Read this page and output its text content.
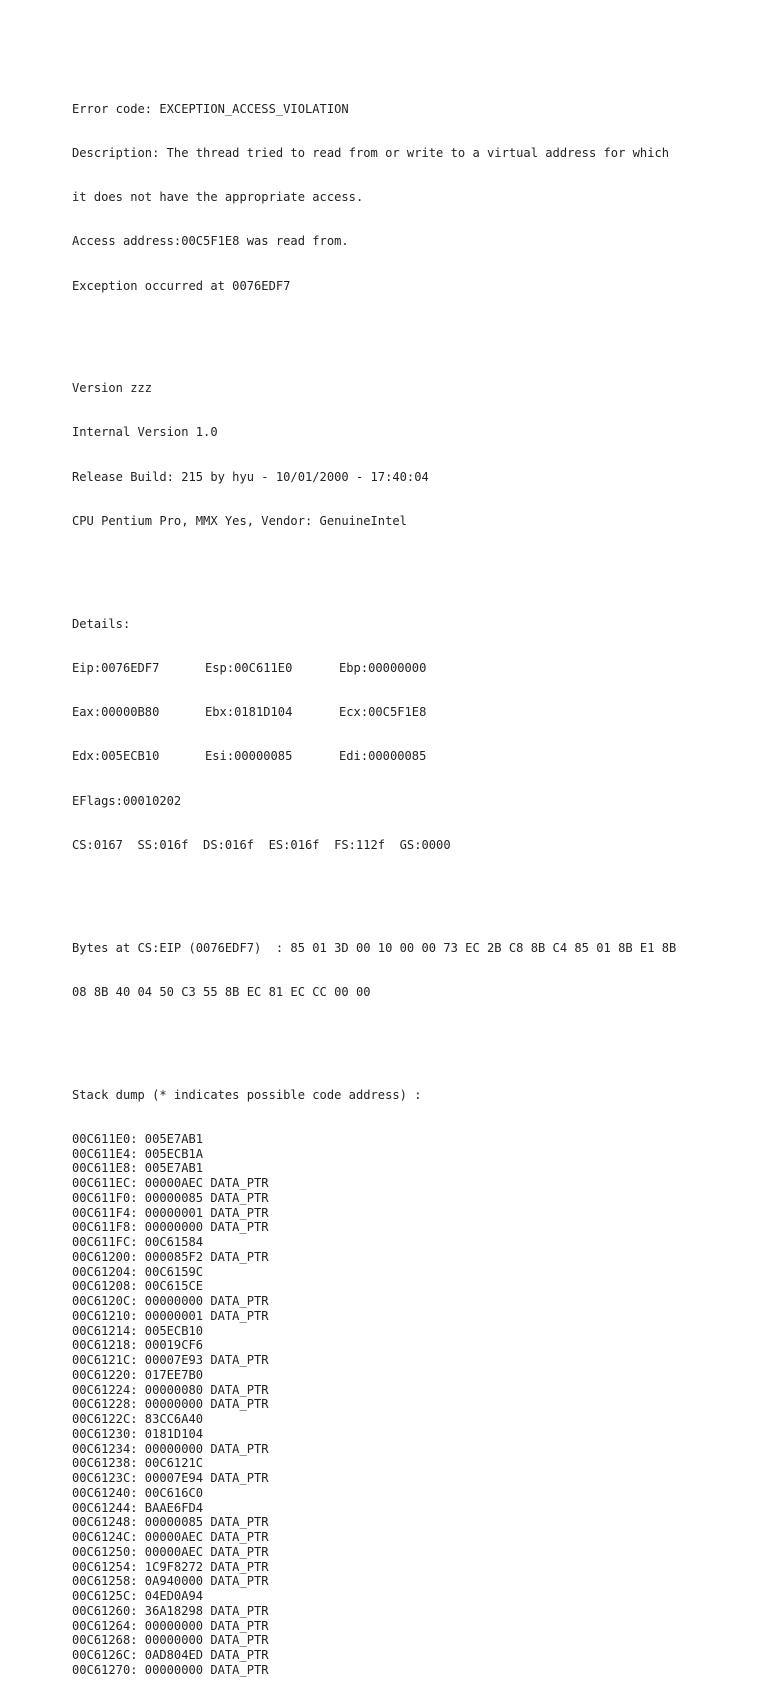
Error code: EXCEPTION_ACCESS_VIOLATION

Description: The thread tried to read from or write to a virtual address for which

it does not have the appropriate access.

Access address:00C5F1E8 was read from.

Exception occurred at 0076EDF7

Version zzz

Internal Version 1.0

Release Build: 215 by hyu - 10/01/2000 - 17:40:04

CPU Pentium Pro, MMX Yes, Vendor: GenuineIntel

Details:

Eip:0076EDF7	Esp:00C611E0	Ebp:00000000

Eax:00000B80	Ebx:0181D104	Ecx:00C5F1E8

Edx:005ECB10	Esi:00000085	Edi:00000085

EFlags:00010202

CS:0167  SS:016f  DS:016f  ES:016f  FS:112f  GS:0000

Bytes at CS:EIP (0076EDF7)  : 85 01 3D 00 10 00 00 73 EC 2B C8 8B C4 85 01 8B E1 8B

08 8B 40 04 50 C3 55 8B EC 81 EC CC 00 00

Stack dump (* indicates possible code address) :

00C611E0: 005E7AB1
00C611E4: 005ECB1A
00C611E8: 005E7AB1
00C611EC: 00000AEC DATA_PTR
00C611F0: 00000085 DATA_PTR
00C611F4: 00000001 DATA_PTR
00C611F8: 00000000 DATA_PTR
00C611FC: 00C61584
00C61200: 000085F2 DATA_PTR
00C61204: 00C6159C
00C61208: 00C615CE
00C6120C: 00000000 DATA_PTR
00C61210: 00000001 DATA_PTR
00C61214: 005ECB10
00C61218: 00019CF6
00C6121C: 00007E93 DATA_PTR
00C61220: 017EE7B0
00C61224: 00000080 DATA_PTR
00C61228: 00000000 DATA_PTR
00C6122C: 83CC6A40
00C61230: 0181D104
00C61234: 00000000 DATA_PTR
00C61238: 00C6121C
00C6123C: 00007E94 DATA_PTR
00C61240: 00C616C0
00C61244: BAAE6FD4
00C61248: 00000085 DATA_PTR
00C6124C: 00000AEC DATA_PTR
00C61250: 00000AEC DATA_PTR
00C61254: 1C9F8272 DATA_PTR
00C61258: 0A940000 DATA_PTR
00C6125C: 04ED0A94
00C61260: 36A18298 DATA_PTR
00C61264: 00000000 DATA_PTR
00C61268: 00000000 DATA_PTR
00C6126C: 0AD804ED DATA_PTR
00C61270: 00000000 DATA_PTR
